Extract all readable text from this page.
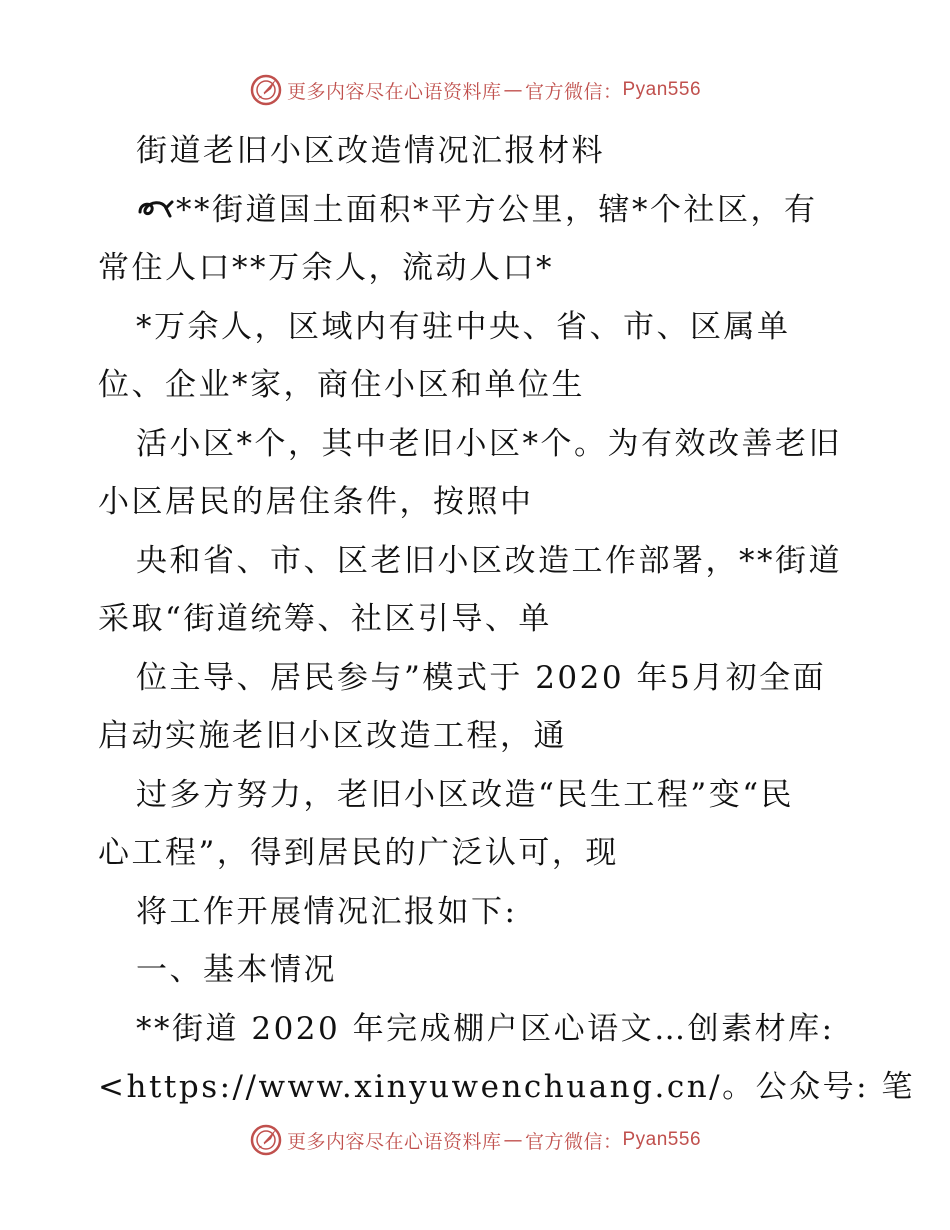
更多内容尽在心语资料库 — 官方微信： Pyan556
街道老旧小区改造情况汇报材料
**街道国土面积*平方公里，辖*个社区，有
常住人口**万余人，流动人口*
*万余人，区域内有驻中央、省、市、区属单
位、企业*家，商住小区和单位生
活小区*个，其中老旧小区*个。为有效改善老旧
小区居民的居住条件，按照中
央和省、市、区老旧小区改造工作部署，**街道
采取“街道统筹、社区引导、单
位主导、居民参与”模式于 2020 年5月初全面
启动实施老旧小区改造工程，通
过多方努力，老旧小区改造“民生工程”变“民
心工程”，得到居民的广泛认可，现
将工作开展情况汇报如下:
一、基本情况
**街道 2020 年完成棚户区心语文…创素材库:
<https://www.xinyuwenchuang.cn/。公众号: 笔
更多内容尽在心语资料库 — 官方微信： Pyan556
